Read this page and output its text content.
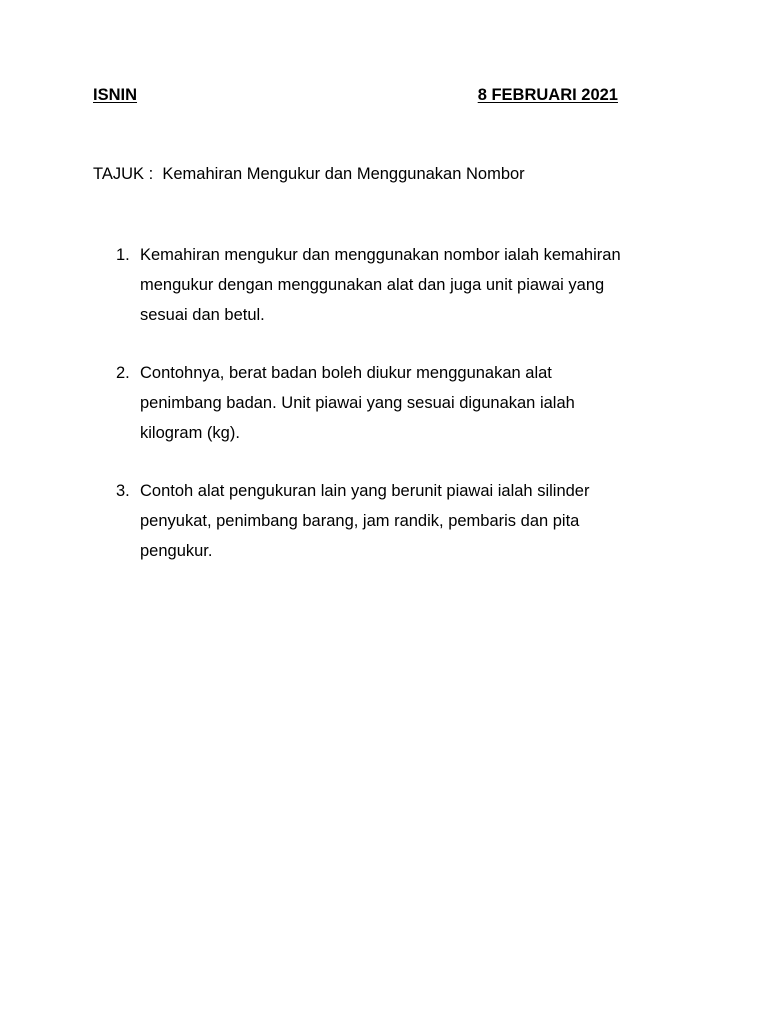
ISNIN	8 FEBRUARI 2021
TAJUK : Kemahiran Mengukur dan Menggunakan Nombor
1. Kemahiran mengukur dan menggunakan nombor ialah kemahiran
mengukur dengan menggunakan alat dan juga unit piawai yang
sesuai dan betul.
2. Contohnya, berat badan boleh diukur menggunakan alat
penimbang badan. Unit piawai yang sesuai digunakan ialah
kilogram (kg).
3. Contoh alat pengukuran lain yang berunit piawai ialah silinder
penyukat, penimbang barang, jam randik, pembaris dan pita
pengukur.
